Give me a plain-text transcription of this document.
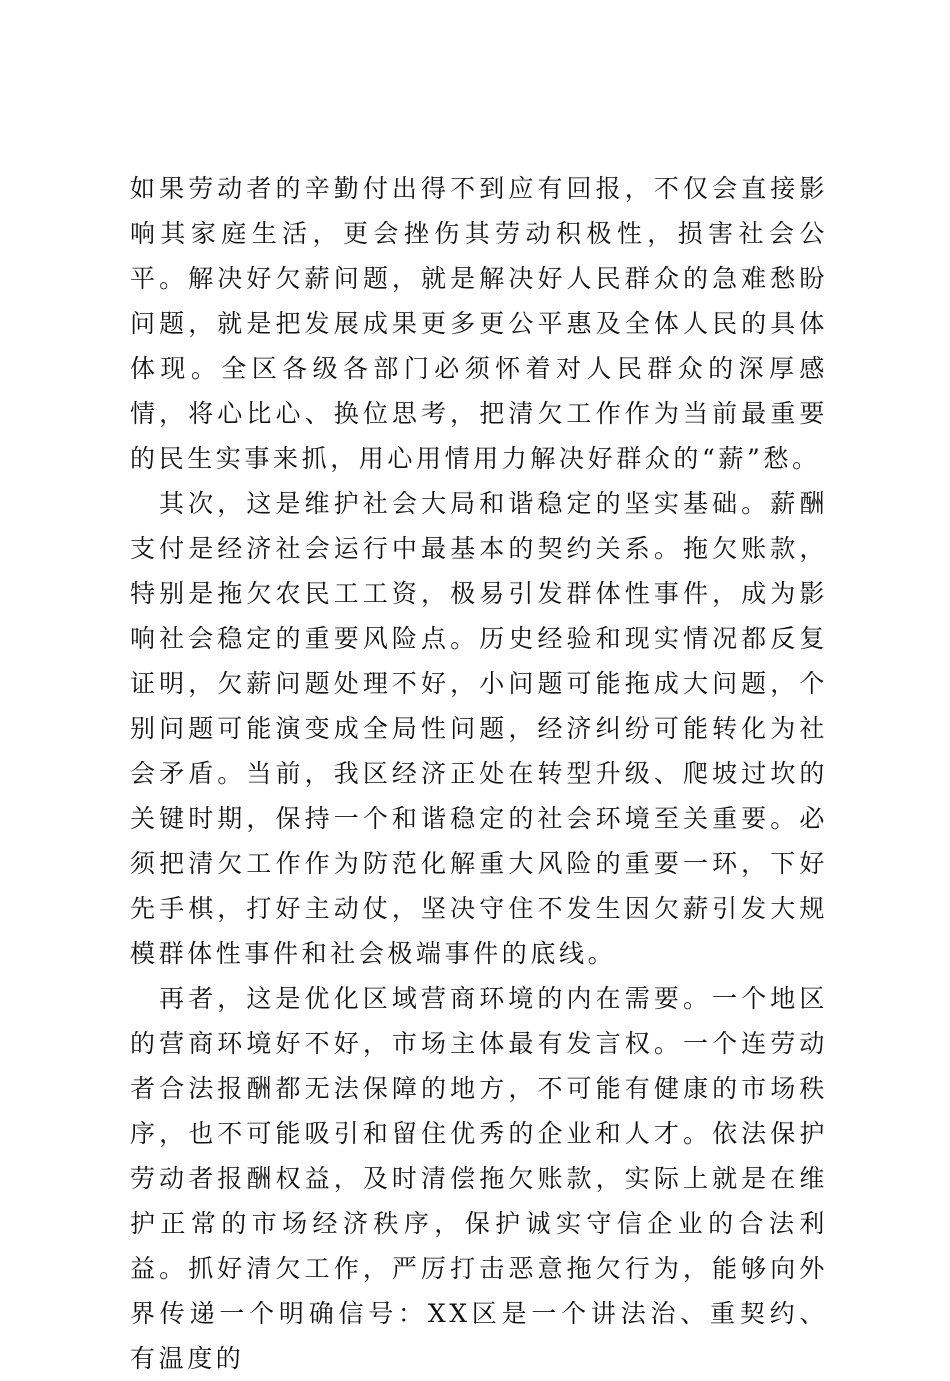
如果劳动者的辛勤付出得不到应有回报，不仅会直接影响其家庭生活，更会挫伤其劳动积极性，损害社会公平。解决好欠薪问题，就是解决好人民群众的急难愁盼问题，就是把发展成果更多更公平惠及全体人民的具体体现。全区各级各部门必须怀着对人民群众的深厚感情，将心比心、换位思考，把清欠工作作为当前最重要的民生实事来抓，用心用情用力解决好群众的“薪”愁。

其次，这是维护社会大局和谐稳定的坚实基础。薪酬支付是经济社会运行中最基本的契约关系。拖欠账款，特别是拖欠农民工工资，极易引发群体性事件，成为影响社会稳定的重要风险点。历史经验和现实情况都反复证明，欠薪问题处理不好，小问题可能拖成大问题，个别问题可能演变成全局性问题，经济纠纷可能转化为社会矛盾。当前，我区经济正处在转型升级、爬坡过坎的关键时期，保持一个和谐稳定的社会环境至关重要。必须把清欠工作作为防范化解重大风险的重要一环，下好先手棋，打好主动仗，坚决守住不发生因欠薪引发大规模群体性事件和社会极端事件的底线。

再者，这是优化区域营商环境的内在需要。一个地区的营商环境好不好，市场主体最有发言权。一个连劳动者合法报酬都无法保障的地方，不可能有健康的市场秩序，也不可能吸引和留住优秀的企业和人才。依法保护劳动者报酬权益，及时清偿拖欠账款，实际上就是在维护正常的市场经济秩序，保护诚实守信企业的合法利益。抓好清欠工作，严厉打击恶意拖欠行为，能够向外界传递一个明确信号：XX区是一个讲法治、重契约、有温度的
